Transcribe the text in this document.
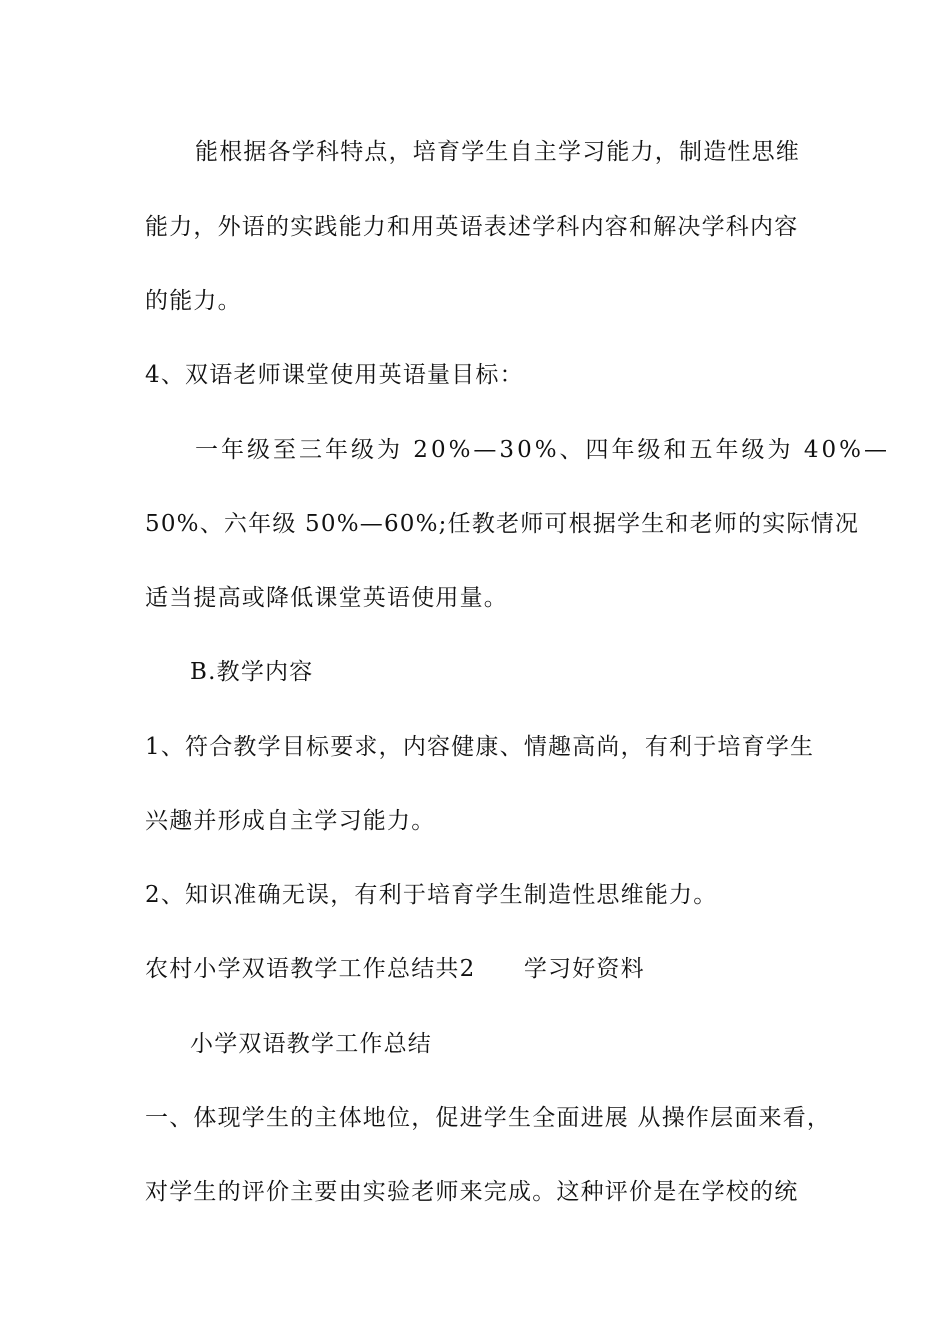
能根据各学科特点，培育学生自主学习能力，制造性思维
能力，外语的实践能力和用英语表述学科内容和解决学科内容
的能力。
4、双语老师课堂使用英语量目标：
一年级至三年级为 20%—30%、四年级和五年级为 40%—
50%、六年级 50%—60%;任教老师可根据学生和老师的实际情况
适当提高或降低课堂英语使用量。
B.教学内容
1、符合教学目标要求，内容健康、情趣高尚，有利于培育学生
兴趣并形成自主学习能力。
2、知识准确无误，有利于培育学生制造性思维能力。
农村小学双语教学工作总结共2　　学习好资料
小学双语教学工作总结
一、体现学生的主体地位，促进学生全面进展 从操作层面来看，
对学生的评价主要由实验老师来完成。这种评价是在学校的统
